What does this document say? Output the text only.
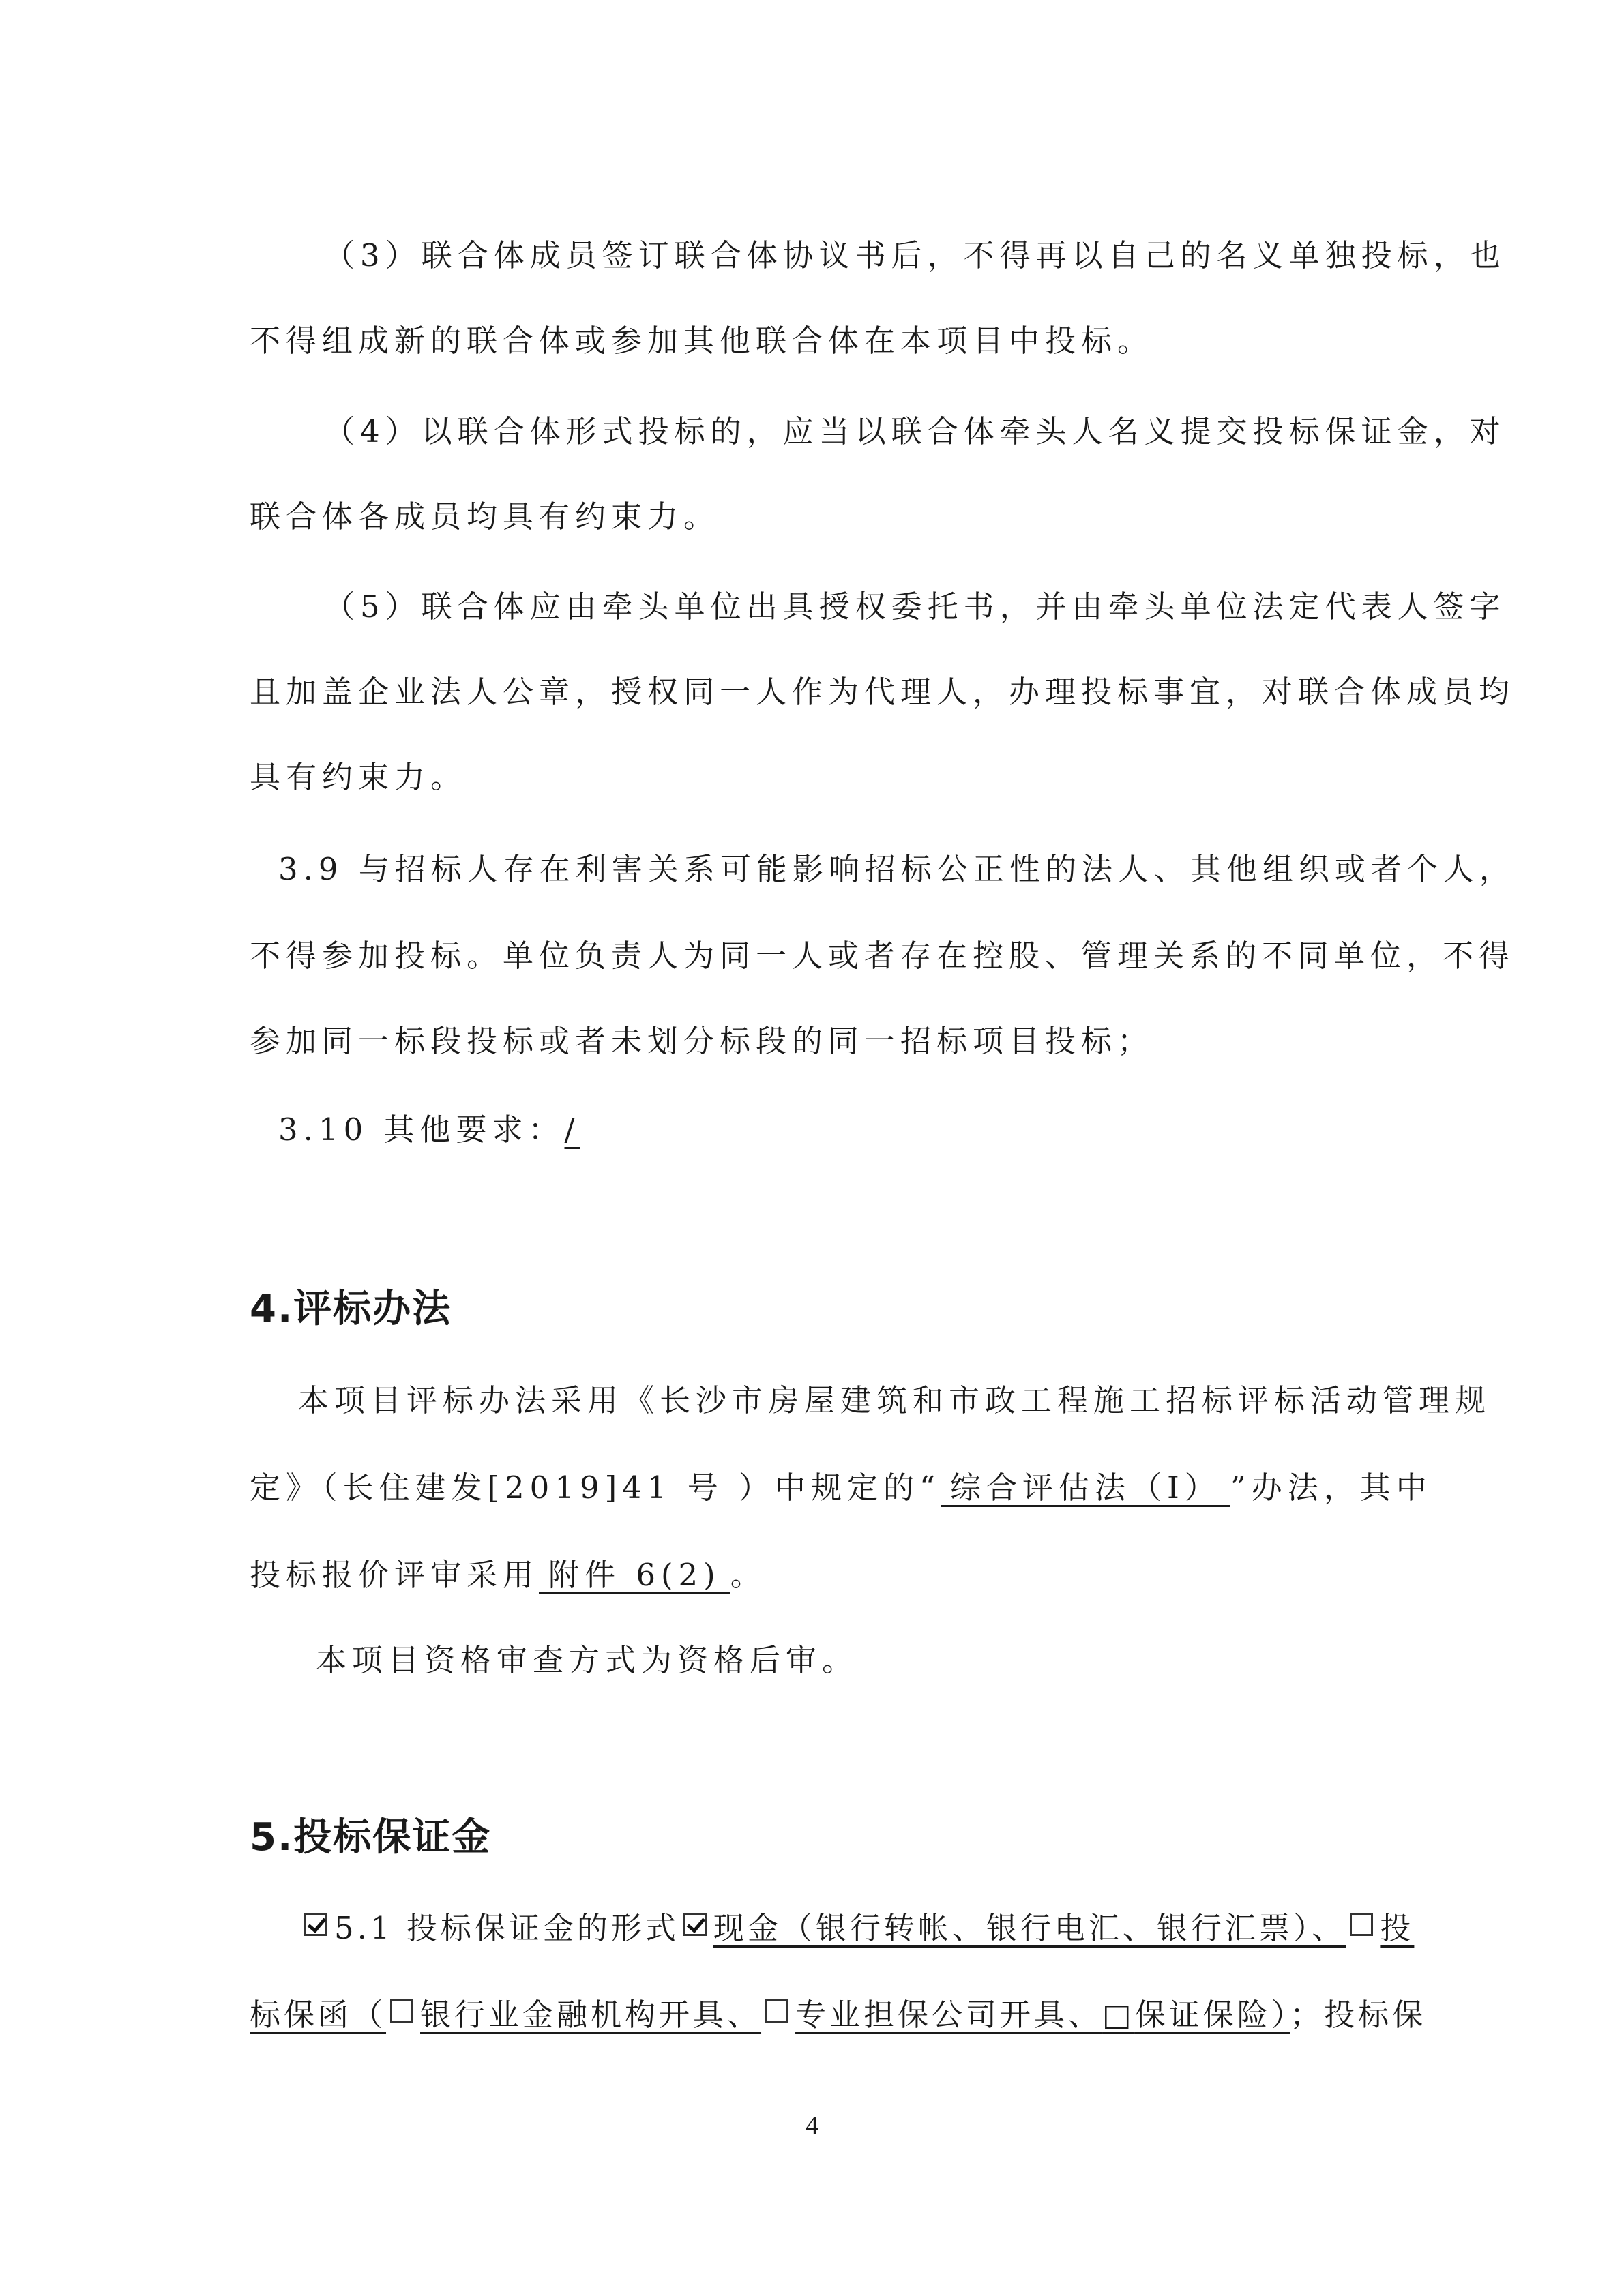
（3）联合体成员签订联合体协议书后，不得再以自己的名义单独投标，也
不得组成新的联合体或参加其他联合体在本项目中投标。
（4）以联合体形式投标的，应当以联合体牵头人名义提交投标保证金，对
联合体各成员均具有约束力。
（5）联合体应由牵头单位出具授权委托书，并由牵头单位法定代表人签字
且加盖企业法人公章，授权同一人作为代理人，办理投标事宜，对联合体成员均
具有约束力。
3.9 与招标人存在利害关系可能影响招标公正性的法人、其他组织或者个人，
不得参加投标。单位负责人为同一人或者存在控股、管理关系的不同单位，不得
参加同一标段投标或者未划分标段的同一招标项目投标；
3.10 其他要求：/
4.评标办法
本项目评标办法采用《长沙市房屋建筑和市政工程施工招标评标活动管理规
定》（长住建发[2019]41 号 ）中规定的“ 综合评估法（Ⅰ） ”办法，其中
投标报价评审采用 附件 6(2) 。
本项目资格审查方式为资格后审。
5.投标保证金
5.1 投标保证金的形式 现金（银行转帐、银行电汇、银行汇票）、 投
标保函（ 银行业金融机构开具、 专业担保公司开具、□保证保险）；投标保
4
